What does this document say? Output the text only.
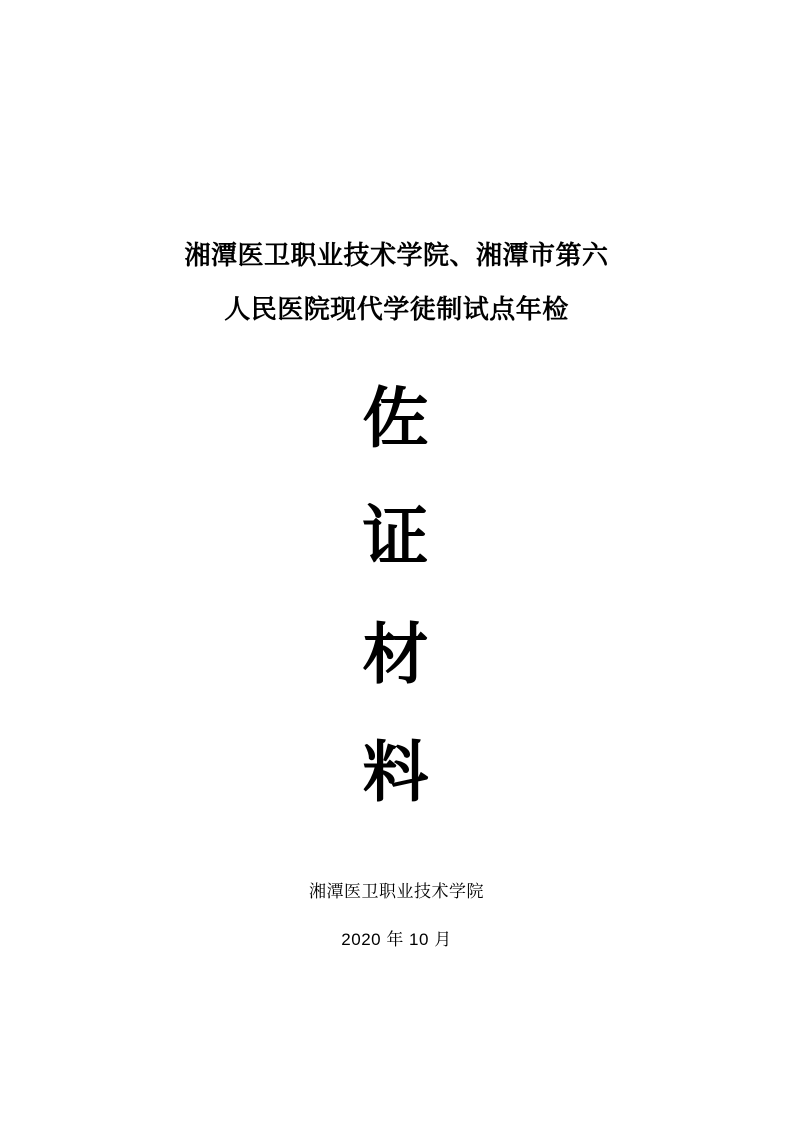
湘潭医卫职业技术学院、湘潭市第六
人民医院现代学徒制试点年检
佐
证
材
料
湘潭医卫职业技术学院
2020 年 10 月
